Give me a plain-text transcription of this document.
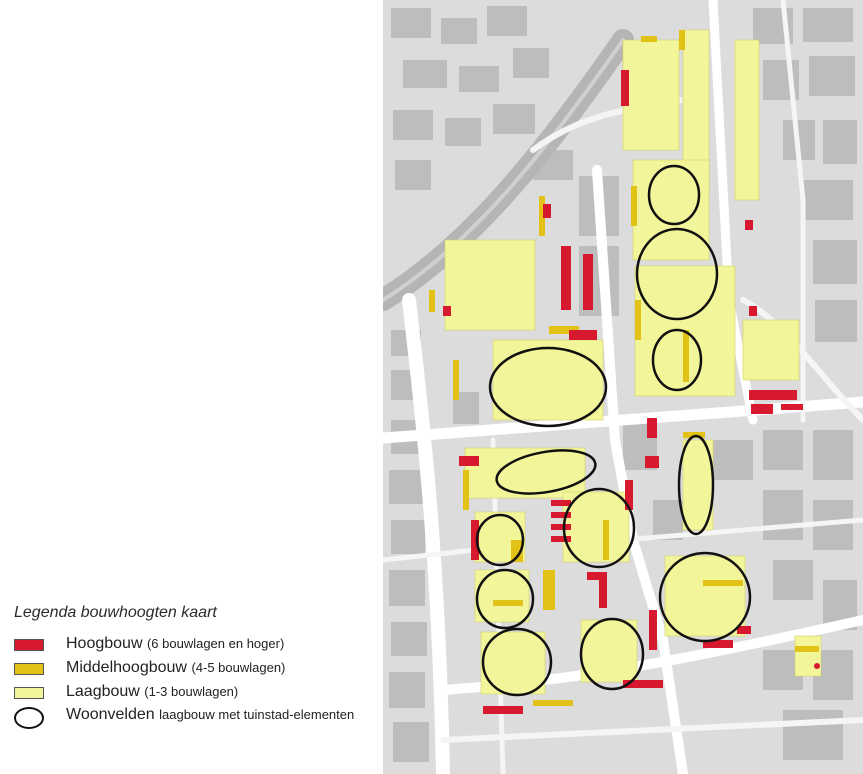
Legenda bouwhoogten kaart
Hoogbouw (6 bouwlagen en hoger)
Middelhoogbouw (4-5 bouwlagen)
Laagbouw (1-3 bouwlagen)
Woonvelden laagbouw met tuinstad-elementen
